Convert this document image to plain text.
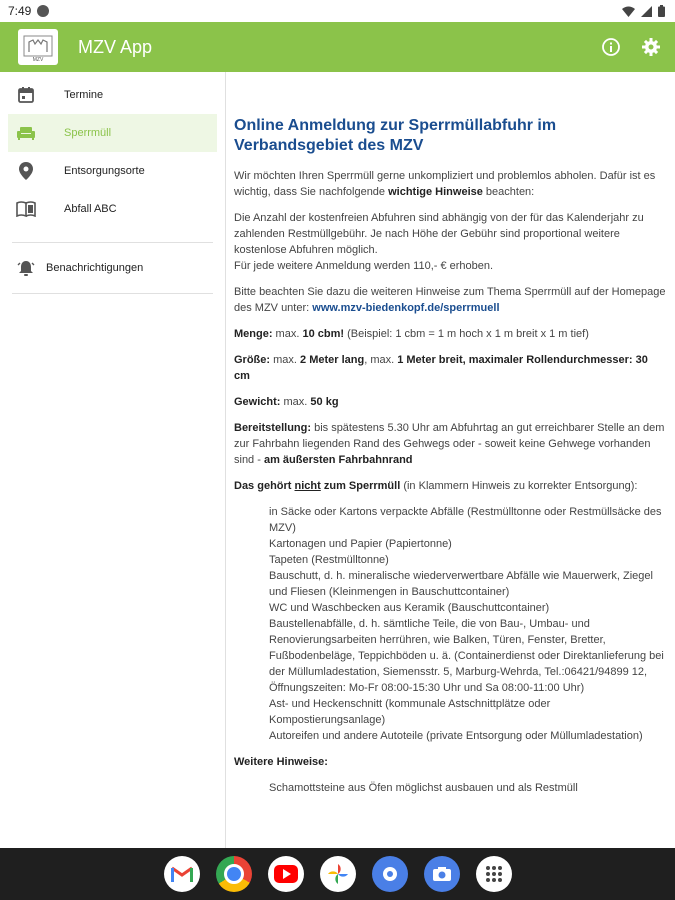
7:49
MZV
MZV App
Termine
Sperrmüll
Entsorgungsorte
Abfall ABC
Benachrichtigungen
Online Anmeldung zur Sperrmüllabfuhr im Verbandsgebiet des MZV

Wir möchten Ihren Sperrmüll gerne unkompliziert und problemlos abholen. Dafür ist es wichtig, dass Sie nachfolgende wichtige Hinweise beachten:

Die Anzahl der kostenfreien Abfuhren sind abhängig von der für das Kalenderjahr zu zahlenden Restmüllgebühr. Je nach Höhe der Gebühr sind proportional weitere kostenlose Abfuhren möglich.
Für jede weitere Anmeldung werden 110,- € erhoben.

Bitte beachten Sie dazu die weiteren Hinweise zum Thema Sperrmüll auf der Homepage des MZV unter: www.mzv-biedenkopf.de/sperrmuell

Menge: max. 10 cbm! (Beispiel: 1 cbm = 1 m hoch x 1 m breit x 1 m tief)

Größe: max. 2 Meter lang, max. 1 Meter breit, maximaler Rollendurchmesser: 30 cm

Gewicht: max. 50 kg

Bereitstellung: bis spätestens 5.30 Uhr am Abfuhrtag an gut erreichbarer Stelle an dem zur Fahrbahn liegenden Rand des Gehwegs oder - soweit keine Gehwege vorhanden sind - am äußersten Fahrbahnrand

Das gehört nicht zum Sperrmüll (in Klammern Hinweis zu korrekter Entsorgung):

in Säcke oder Kartons verpackte Abfälle (Restmülltonne oder Restmüllsäcke des MZV)
Kartonagen und Papier (Papiertonne)
Tapeten (Restmülltonne)
Bauschutt, d. h. mineralische wiederverwertbare Abfälle wie Mauerwerk, Ziegel und Fliesen (Kleinmengen in Bauschuttcontainer)
WC und Waschbecken aus Keramik (Bauschuttcontainer)
Baustellenabfälle, d. h. sämtliche Teile, die von Bau-, Umbau- und Renovierungsarbeiten herrühren, wie Balken, Türen, Fenster, Bretter, Fußbodenbeläge, Teppichböden u. ä. (Containerdienst oder Direktanlieferung bei der Müllumladestation, Siemensstr. 5, Marburg-Wehrda, Tel.:06421/94899 12, Öffnungszeiten: Mo-Fr 08:00-15:30 Uhr und Sa 08:00-11:00 Uhr)
Ast- und Heckenschnitt (kommunale Astschnittplätze oder Kompostierungsanlage)
Autoreifen und andere Autoteile (private Entsorgung oder Müllumladestation)

Weitere Hinweise:

Schamottsteine aus Öfen möglichst ausbauen und als Restmüll
